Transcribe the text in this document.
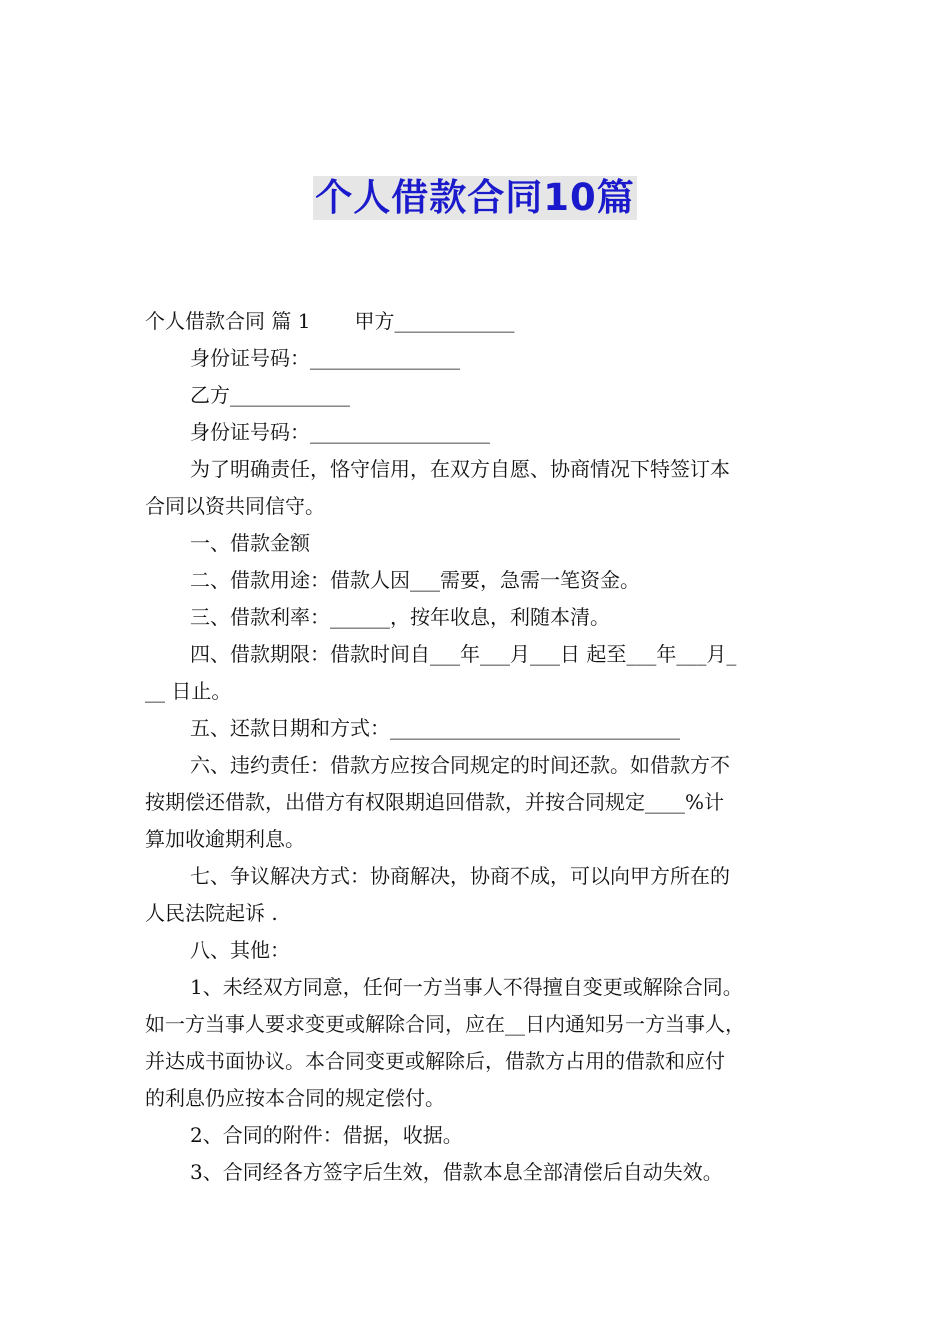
个人借款合同10篇
个人借款合同 篇 1 甲方____________
身份证号码：_______________
乙方____________
身份证号码：__________________
为了明确责任，恪守信用，在双方自愿、协商情况下特签订本
合同以资共同信守。
一、借款金额
二、借款用途：借款人因___需要，急需一笔资金。
三、借款利率：______，按年收息，利随本清。
四、借款期限：借款时间自___年___月___日 起至___年___月_
__ 日止。
五、还款日期和方式：_____________________________
六、违约责任：借款方应按合同规定的时间还款。如借款方不
按期偿还借款，出借方有权限期追回借款，并按合同规定____%计
算加收逾期利息。
七、争议解决方式：协商解决，协商不成，可以向甲方所在的
人民法院起诉 .
八、其他：
1、未经双方同意，任何一方当事人不得擅自变更或解除合同。
如一方当事人要求变更或解除合同，应在__日内通知另一方当事人，
并达成书面协议。本合同变更或解除后，借款方占用的借款和应付
的利息仍应按本合同的规定偿付。
2、合同的附件：借据，收据。
3、合同经各方签字后生效，借款本息全部清偿后自动失效。
